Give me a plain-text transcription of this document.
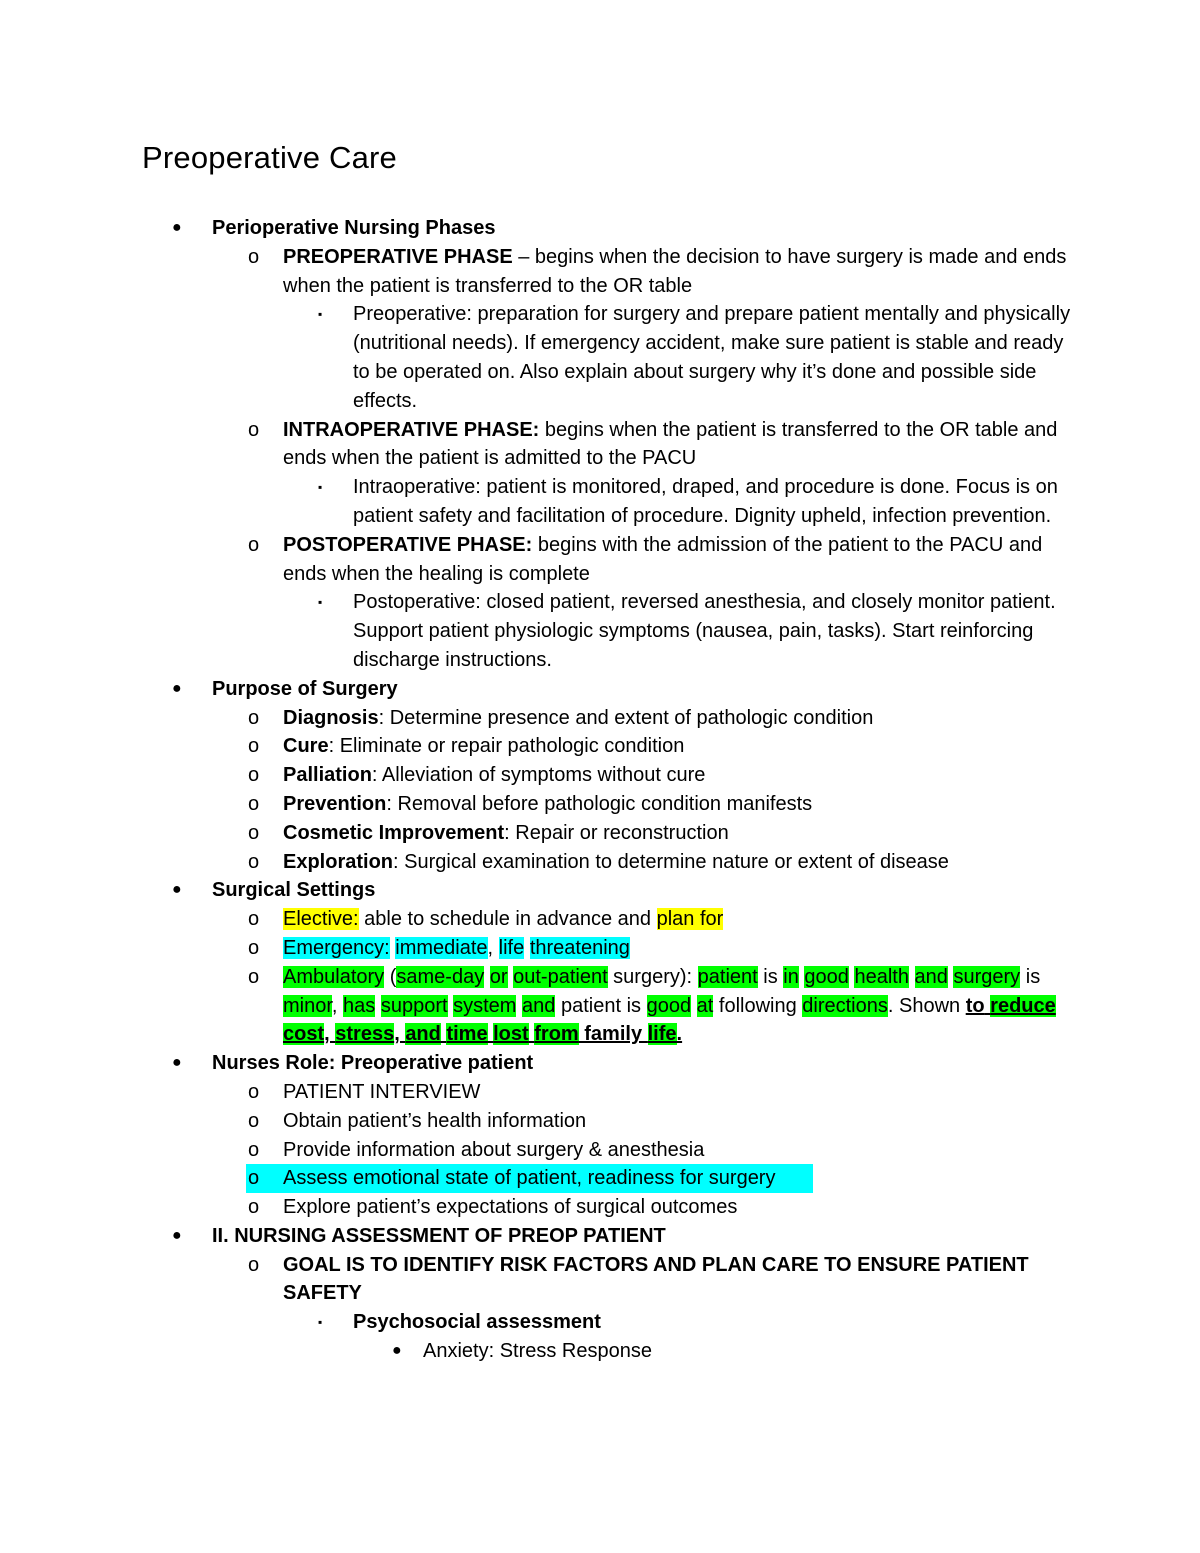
Preoperative Care
● Perioperative Nursing Phases
o PREOPERATIVE PHASE – begins when the decision to have surgery is made and ends when the patient is transferred to the OR table
▪ Preoperative: preparation for surgery and prepare patient mentally and physically (nutritional needs). If emergency accident, make sure patient is stable and ready to be operated on. Also explain about surgery why it’s done and possible side effects.
o INTRAOPERATIVE PHASE: begins when the patient is transferred to the OR table and ends when the patient is admitted to the PACU
▪ Intraoperative: patient is monitored, draped, and procedure is done. Focus is on patient safety and facilitation of procedure. Dignity upheld, infection prevention.
o POSTOPERATIVE PHASE: begins with the admission of the patient to the PACU and ends when the healing is complete
▪ Postoperative: closed patient, reversed anesthesia, and closely monitor patient. Support patient physiologic symptoms (nausea, pain, tasks). Start reinforcing discharge instructions.
● Purpose of Surgery
o Diagnosis: Determine presence and extent of pathologic condition
o Cure: Eliminate or repair pathologic condition
o Palliation: Alleviation of symptoms without cure
o Prevention: Removal before pathologic condition manifests
o Cosmetic Improvement: Repair or reconstruction
o Exploration: Surgical examination to determine nature or extent of disease
● Surgical Settings
o Elective: able to schedule in advance and plan for
o Emergency: immediate, life threatening
o Ambulatory (same-day or out-patient surgery): patient is in good health and surgery is minor, has support system and patient is good at following directions. Shown to reduce cost, stress, and time lost from family life.
● Nurses Role: Preoperative patient
o PATIENT INTERVIEW
o Obtain patient’s health information
o Provide information about surgery & anesthesia
o Assess emotional state of patient, readiness for surgery
o Explore patient’s expectations of surgical outcomes
● II. NURSING ASSESSMENT OF PREOP PATIENT
o GOAL IS TO IDENTIFY RISK FACTORS AND PLAN CARE TO ENSURE PATIENT SAFETY
▪ Psychosocial assessment
● Anxiety: Stress Response
